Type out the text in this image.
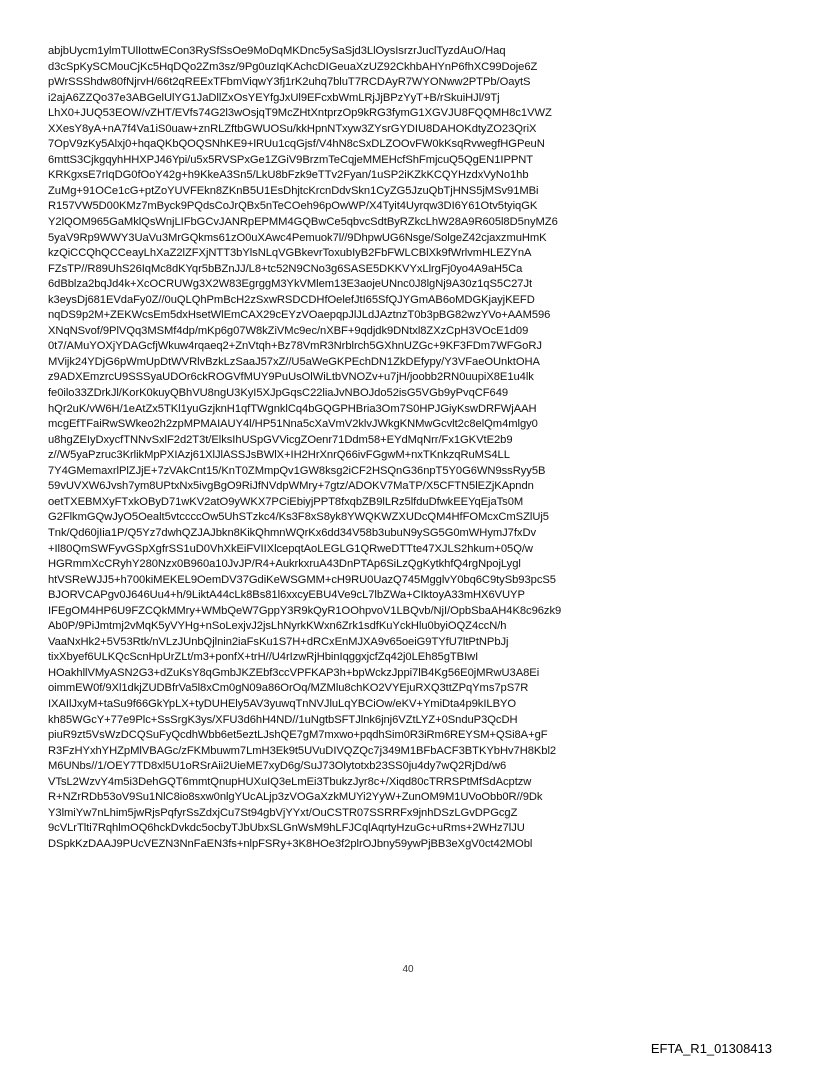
abjbUycm1ylmTUlIottwECon3RySfSsOe9MoDqMKDnc5ySaSjd3LlOysIsrzrJuclTyzdAuO/Haq
d3cSpKySCMouCjKc5HqDQo2Zm3sz/9Pg0uzIqKAchcDIGeuaXzUZ92CkhbAHYnP6fhXC99Doje6Z
pWrSSShdw80fNjrvH/66t2qREExTFbmViqwY3fj1rK2uhq7bluT7RCDAyR7WYONww2PTPb/OaytS
i2ajA6ZZQo37e3ABGelUlYG1JaDllZxOsYEYfgJxUl9EFcxbWmLRjJjBPzYyT+B/rSkuiHJl/9Tj
LhX0+JUQ53EOW/vZHT/EVfs74G2l3wOsjqT9McZHtXntprzOp9kRG3fymG1XGVJU8FQQMH8c1VWZ
XXesY8yA+nA7f4Va1iS0uaw+znRLZftbGWUOSu/kkHpnNTxyw3ZYsrGYDIU8DAHOKdtyZO23QriX
7OpV9zKy5Alxj0+hqaQKbQOQSNhKE9+lRUu1cqGjsf/V4hN8cSxDLZOOvFW0kKsqRvwegfHGPeuN
6mttS3CjkgqyhHHXPJ46Ypi/u5x5RVSPxGe1ZGiV9BrzmTeCqjeMMEHcfShFmjcuQ5QgEN1IPPNT
KRKgxsE7rIqDG0fOoY42g+h9KkeA3Sn5/LkU8bFzk9eTTv2Fyan/1uSP2iKZkKCQYHzdxVyNo1hb
ZuMg+91OCe1cG+ptZoYUVFEkn8ZKnB5U1EsDhjtcKrcnDdvSkn1CyZG5JzuQbTjHNS5jMSv91MBi
R157VW5D00KMz7mByck9PQdsCoJrQBx5nTeCOeh96pOwWP/X4Tyit4Uyrqw3DI6Y61Otv5tyiqGK
Y2lQOM965GaMklQsWnjLIFbGCvJANRpEPMM4GQBwCe5qbvcSdtByRZkcLhW28A9R605l8D5nyMZ6
5yaV9Rp9WWY3UaVu3MrGQkms61zO0uXAwc4Pemuok7l//9DhpwUG6Nsge/SolgeZ42cjaxzmuHmK
kzQiCCQhQCCeayLhXaZ2lZFXjNTT3bYlsNLqVGBkevrToxubIyB2FbFWLCBlXk9fWrlvmHLEZYnA
FZsTP//R89UhS26IqMc8dKYqr5bBZnJJ/L8+tc52N9CNo3g6SASE5DKKVYxLlrgFj0yo4A9aH5Ca
6dBblza2bqJd4k+XcOCRUWg3X2W83EgrggM3YkVMlem13E3aojeUNnc0J8lgNj9A30z1qS5C27Jt
k3eysDj681EVdaFy0Z//0uQLQhPmBcH2zSxwRSDCDHfOelefJtI65SfQJYGmAB6oMDGKjayjKEFD
nqDS9p2M+ZEKWcsEm5dxHsetWlEmCAX29cEYzVOaepqpJlJLdJAztnzT0b3pBG82wzYVo+AAM596
XNqNSvof/9PlVQq3MSMf4dp/mKp6g07W8kZiVMc9ec/nXBF+9qdjdk9DNtxl8ZXzCpH3VOcE1d09
0t7/AMuYOXjYDAGcfjWkuw4rqaeq2+ZnVtqh+Bz78VmR3Nrblrch5GXhnUZGc+9KF3FDm7WFGoRJ
MVijk24YDjG6pWmUpDtWVRlvBzkLzSaaJ57xZ//U5aWeGKPEchDN1ZkDEfypy/Y3VFaeOUnktOHA
z9ADXEmzrcU9SSSyaUDOr6ckROGVfMUY9PuUsOlWiLtbVNOZv+u7jH/joobb2RN0uupiX8E1u4lk
fe0ilo33ZDrkJl/KorK0kuyQBhVU8ngU3KyI5XJpGqsC22liaJvNBOJdo52isG5VGb9yPvqCF649
hQr2uK/vW6H/1eAtZx5TKl1yuGzjknH1qfTWgnklCq4bGQGPHBria3Om7S0HPJGiyKswDRFWjAAH
mcgEfTFaiRwSWkeo2h2zpMPMAIAUY4l/HP51Nna5cXaVmV2klvJWkgKNMwGcvlt2c8elQm4mlgy0
u8hgZEIyDxycfTNNvSxlF2d2T3t/ElksIhUSpGVVicgZOenr71Ddm58+EYdMqNrr/Fx1GKVtE2b9
z//W5yaPzruc3KrlikMpPXIAzj61XlJlASSJsBWlX+IH2HrXnrQ66ivFGgwM+nxTKnkzqRuMS4LL
7Y4GMemaxrlPlZJjE+7zVAkCnt15/KnT0ZMmpQv1GW8ksg2iCF2HSQnG36npT5Y0G6WN9ssRyy5B
59vUVXW6Jvsh7ym8UPtxNx5ivgBgO9RiJfNVdpWMry+7gtz/ADOKV7MaTP/X5CFTN5lEZjKApndn
oetTXEBMXyFTxkOByD71wKV2atO9yWKX7PCiEbiyjPPT8fxqbZB9lLRz5lfduDfwkEEYqEjaTs0M
G2FlkmGQwJyO5Oealt5vtccccOw5UhSTzkc4/Ks3F8xS8yk8YWQKWZXUDcQM4HfFOMcxCmSZlUj5
Tnk/Qd60jIia1P/Q5Yz7dwhQZJAJbkn8KikQhmnWQrKx6dd34V58b3ubuN9ySG5G0mWHymJ7fxDv
+Il80QmSWFyvGSpXgfrSS1uD0VhXkEiFVIIXlcepqtAoLEGLG1QRweDTTte47XJLS2hkum+05Q/w
HGRmmXcCRyhY280Nzx0B960a10JvJP/R4+AukrkxruA43DnPTAp6SiLzQgKytkhfQ4rgNpojLygl
htVSReWJJ5+h700kiMEKEL9OemDV37GdiKeWSGMM+cH9RU0UazQ745MgglvY0bq6C9tySb93pcS5
BJORVCAPgv0J646Uu4+h/9LiktA44cLk8Bs81l6xxcyEBU4Ve9cL7lbZWa+CIktoyA33mHX6VUYP
IFEgOM4HP6U9FZCQkMMry+WMbQeW7GppY3R9kQyR1OOhpvoV1LBQvb/NjI/OpbSbaAH4K8c96zk9
Ab0P/9PiJmtmj2vMqK5yVYHg+nSoLexjvJ2jsLhNyrkKWxn6Zrk1sdfKuYckHlu0byiOQZ4ccN/h
VaaNxHk2+5V53Rtk/nVLzJUnbQjlnin2iaFsKu1S7H+dRCxEnMJXA9v65oeiG9TYfU7ltPtNPbJj
tixXbyef6ULKQcScnHpUrZLt/m3+ponfX+trH//U4rIzwRjHbinIqggxjcfZq42j0LEh85gTBIwI
HOakhllVMyASN2G3+dZuKsY8qGmbJKZEbf3ccVPFKAP3h+bpWckzJppi7lB4Kg56E0jMRwU3A8Ei
oimmEW0f/9Xl1dkjZUDBfrVa5l8xCm0gN09a86OrOq/MZMlu8chKO2VYEjuRXQ3ttZPqYms7pS7R
IXAIlJxyM+taSu9f66GkYpLX+tyDUHEly5AV3yuwqTnNVJluLqYBCiOw/eKV+YmiDta4p9kILBYO
kh85WGcY+77e9Plc+SsSrgK3ys/XFU3d6hH4ND//1uNgtbSFTJlnk6jnj6VZtLYZ+0SnduP3QcDH
piuR9zt5VsWzDCQSuFyQcdhWbb6et5eztLJshQE7gM7mxwo+pqdhSim0R3iRm6REYSM+QSi8A+gF
R3FzHYxhYHZpMlVBAGc/zFKMbuwm7LmH3Ek9t5UVuDIVQZQc7j349M1BFbACF3BTKYbHv7H8Kbl2
M6UNbs//1/OEY7TD8xl5U1oRSrAii2UieME7xyD6g/SuJ73Olytotxb23SS0ju4dy7wQ2RjDd/w6
VTsL2WzvY4m5i3DehGQT6mmtQnupHUXuIQ3eLmEi3TbukzJyr8c+/Xiqd80cTRRSPtMfSdAcptzw
R+NZrRDb53oV9Su1NlC8io8sxw0nlgYUcALjp3zVOGaXzkMUYi2YyW+ZunOM9M1UVoObb0R//9Dk
Y3lmiYw7nLhim5jwRjsPqfyrSsZdxjCu7St94gbVjYYxt/OuCSTR07SSRRFx9jnhDSzLGvDPGcgZ
9cVLrTlti7RqhlmOQ6hckDvkdc5ocbyTJbUbxSLGnWsM9hLFJCqlAqrtyHzuGc+uRms+2WHz7lJU
DSpkKzDAAJ9PUcVEZN3NnFaEN3fs+nlpFSRy+3K8HOe3f2plrOJbny59ywPjBB3eXgV0ct42MObl
40
EFTA_R1_01308413
